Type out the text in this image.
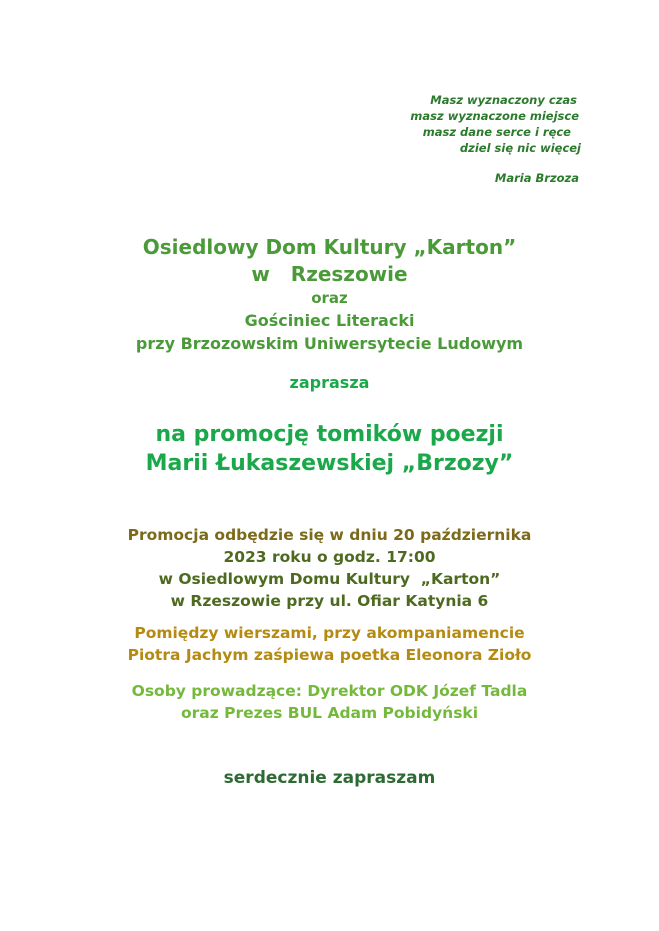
Masz wyznaczony czas
masz wyznaczone miejsce
masz dane serce i ręce
dziel się nic więcej
Maria Brzoza
Osiedlowy Dom Kultury „Karton”
w   Rzeszowie
oraz
Gościniec Literacki
przy Brzozowskim Uniwersytecie Ludowym
zaprasza
na promocję tomików poezji
Marii Łukaszewskiej „Brzozy”
Promocja odbędzie się w dniu 20 października
2023 roku o godz. 17:00
w Osiedlowym Domu Kultury  „Karton”
w Rzeszowie przy ul. Ofiar Katynia 6
Pomiędzy wierszami, przy akompaniamencie
Piotra Jachym zaśpiewa poetka Eleonora Zioło
Osoby prowadzące: Dyrektor ODK Józef Tadla
oraz Prezes BUL Adam Pobidyński
serdecznie zapraszam
